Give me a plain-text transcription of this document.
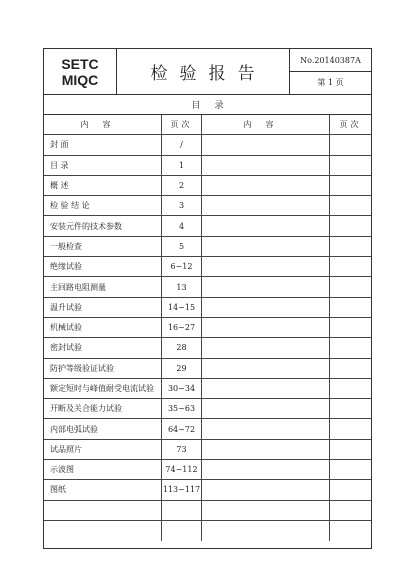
SETC
MIQC	检验报告
No.20140387A
第 1 页
目录
内容	页次	内容	页次
封 面	/
目 录	1
概 述	2
检 验 结 论	3
安装元件的技术参数	4
一般检查	5
绝缘试验	6~12
主回路电阻测量	13
温升试验	14~15
机械试验	16~27
密封试验	28
防护等级验证试验	29
额定短时与峰值耐受电流试验	30~34
开断及关合能力试验	35~63
内部电弧试验	64~72
试品照片	73
示波图	74~112
图纸	113~117
